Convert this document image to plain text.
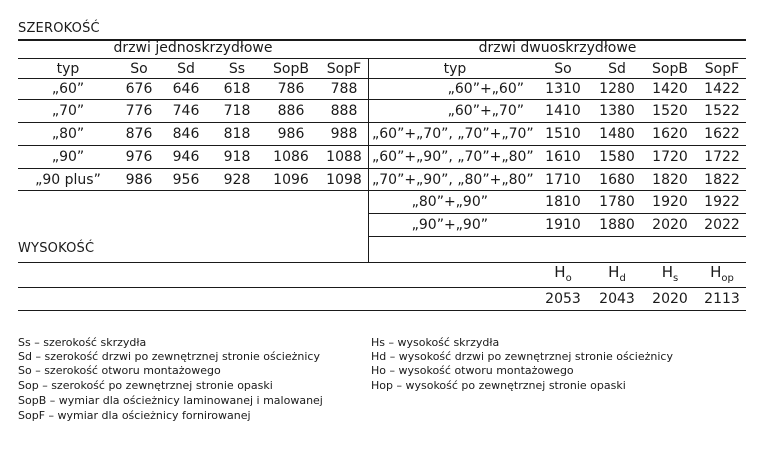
SZEROKOŚĆ
drzwi jednoskrzydłowe	drzwi dwuoskrzydłowe
typ	So	Sd	Ss	SopB	SopF	typ	So	Sd	SopB	SopF
„60”	676	646	618	786	788
„70”	776	746	718	886	888
„80”	876	846	818	986	988
„90”	976	946	918	1086	1088
„90 plus”	986	956	928	1096	1098
„60”+„60”	1310	1280	1420	1422
„60”+„70”	1410	1380	1520	1522
„60”+„70”, „70”+„70” 1510	1480	1620	1622
„60”+„90”, „70”+„80” 1610	1580	1720	1722
„70”+„90”, „80”+„80” 1710	1680	1820	1822
„80”+„90”	1810	1780	1920	1922
„90”+„90”	1910	1880	2020	2022
WYSOKOŚĆ
$H_o$	$H_d$	$H_s$	$H_{op}$
2053	2043	2020	2113
Ss – szerokość skrzydła
Sd – szerokość drzwi po zewnętrznej stronie ościeżnicy
So – szerokość otworu montażowego
Sop – szerokość po zewnętrznej stronie opaski
SopB – wymiar dla ościeżnicy laminowanej i malowanej
SopF – wymiar dla ościeżnicy fornirowanej
Hs – wysokość skrzydła
Hd – wysokość drzwi po zewnętrznej stronie ościeżnicy
Ho – wysokość otworu montażowego
Hop – wysokość po zewnętrznej stronie opaski
